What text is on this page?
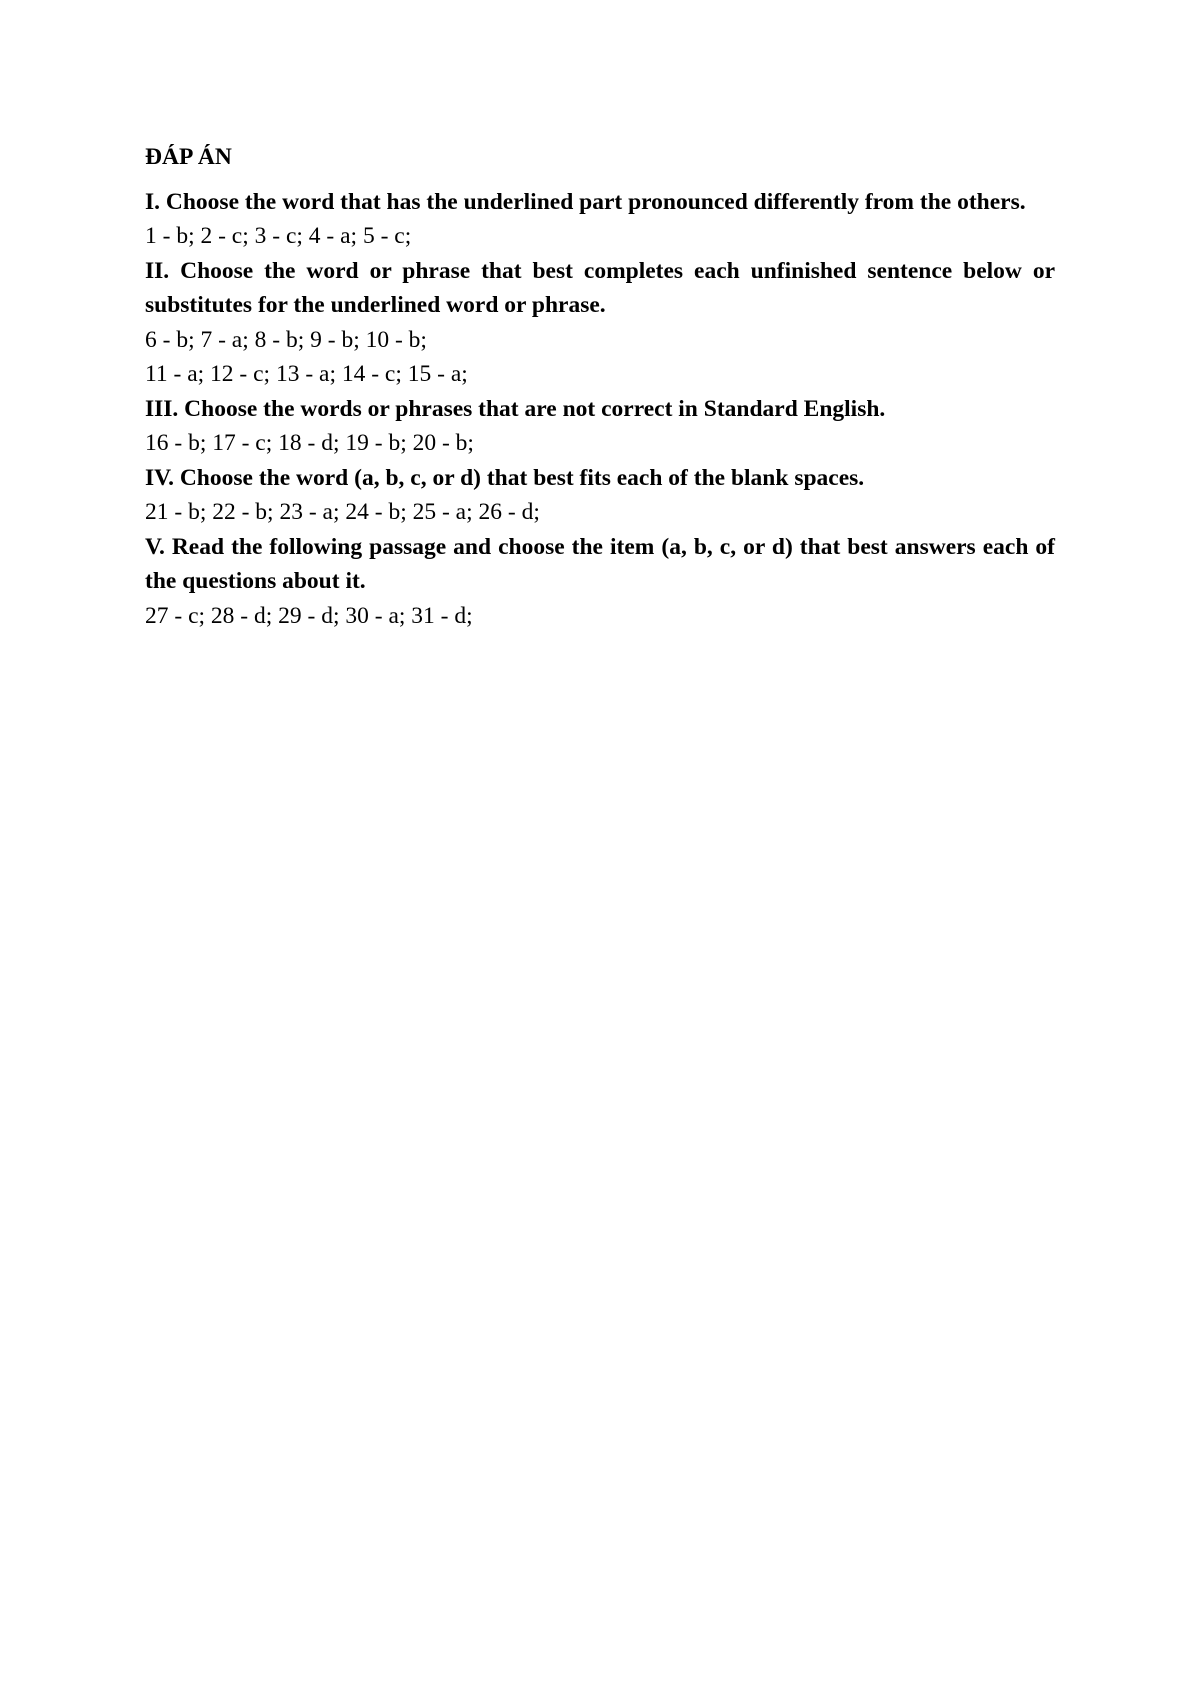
ĐÁP ÁN

I. Choose the word that has the underlined part pronounced differently from the others.

1 - b; 2 - c; 3 - c; 4 - a; 5 - c;

II. Choose the word or phrase that best completes each unfinished sentence below or substitutes for the underlined word or phrase.

6 - b; 7 - a; 8 - b; 9 - b; 10 - b;

11 - a; 12 - c; 13 - a; 14 - c; 15 - a;

III. Choose the words or phrases that are not correct in Standard English.

16 - b; 17 - c; 18 - d; 19 - b; 20 - b;

IV. Choose the word (a, b, c, or d) that best fits each of the blank spaces.

21 - b; 22 - b; 23 - a; 24 - b; 25 - a; 26 - d;

V. Read the following passage and choose the item (a, b, c, or d) that best answers each of the questions about it.

27 - c; 28 - d; 29 - d; 30 - a; 31 - d;
